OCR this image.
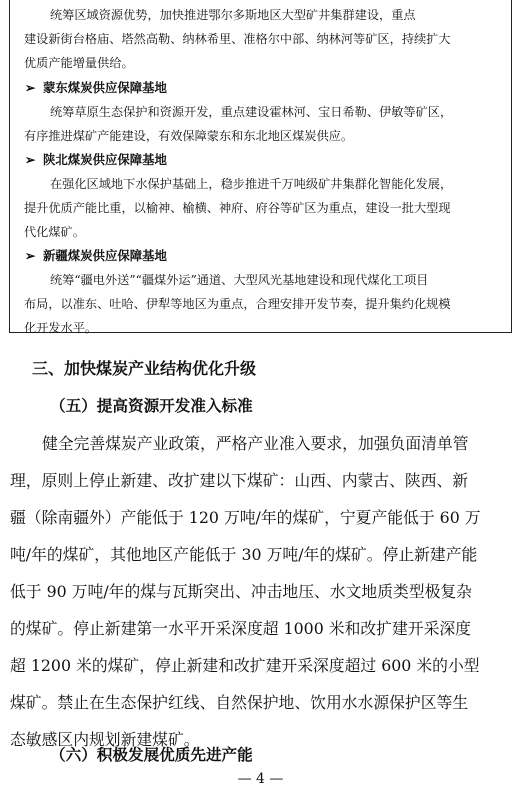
统筹区域资源优势，加快推进鄂尔多斯地区大型矿井集群建设，重点
建设新街台格庙、塔然高勒、纳林希里、准格尔中部、纳林河等矿区，持续扩大
优质产能增量供给。
➢ 蒙东煤炭供应保障基地
统筹草原生态保护和资源开发，重点建设霍林河、宝日希勒、伊敏等矿区，
有序推进煤矿产能建设，有效保障蒙东和东北地区煤炭供应。
➢ 陕北煤炭供应保障基地
在强化区域地下水保护基础上，稳步推进千万吨级矿井集群化智能化发展，
提升优质产能比重，以榆神、榆横、神府、府谷等矿区为重点，建设一批大型现
代化煤矿。
➢ 新疆煤炭供应保障基地
统筹“疆电外送”“疆煤外运”通道、大型风光基地建设和现代煤化工项目
布局，以准东、吐哈、伊犁等地区为重点，合理安排开发节奏，提升集约化规模
化开发水平。
三、加快煤炭产业结构优化升级
（五）提高资源开发准入标准
健全完善煤炭产业政策，严格产业准入要求，加强负面清单管
理，原则上停止新建、改扩建以下煤矿：山西、内蒙古、陕西、新
疆（除南疆外）产能低于 120 万吨/年的煤矿，宁夏产能低于 60 万
吨/年的煤矿，其他地区产能低于 30 万吨/年的煤矿。停止新建产能
低于 90 万吨/年的煤与瓦斯突出、冲击地压、水文地质类型极复杂
的煤矿。停止新建第一水平开采深度超 1000 米和改扩建开采深度
超 1200 米的煤矿，停止新建和改扩建开采深度超过 600 米的小型
煤矿。禁止在生态保护红线、自然保护地、饮用水水源保护区等生
态敏感区内规划新建煤矿。
（六）积极发展优质先进产能
— 4 —
